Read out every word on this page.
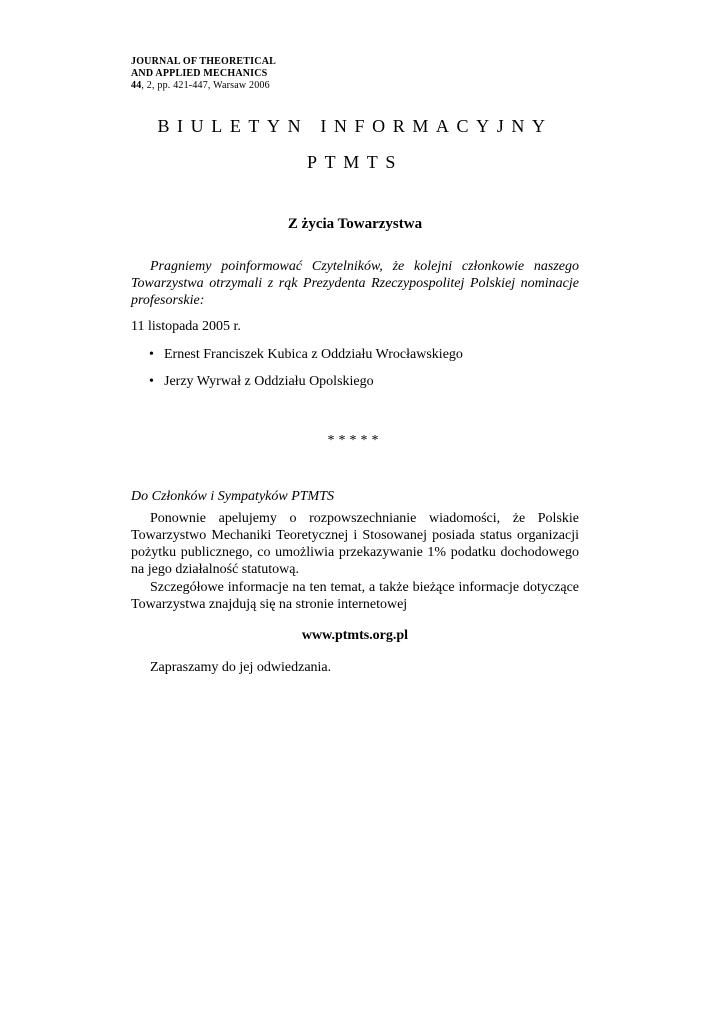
JOURNAL OF THEORETICAL
AND APPLIED MECHANICS
44, 2, pp. 421-447, Warsaw 2006
BIULETYN INFORMACYJNY
PTMTS
Z życia Towarzystwa
Pragniemy poinformować Czytelników, że kolejni członkowie naszego Towarzystwa otrzymali z rąk Prezydenta Rzeczypospolitej Polskiej nominacje profesorskie:
11 listopada 2005 r.
• Ernest Franciszek Kubica z Oddziału Wrocławskiego
• Jerzy Wyrwał z Oddziału Opolskiego
*****
Do Członków i Sympatyków PTMTS
Ponownie apelujemy o rozpowszechnianie wiadomości, że Polskie Towarzystwo Mechaniki Teoretycznej i Stosowanej posiada status organizacji pożytku publicznego, co umożliwia przekazywanie 1% podatku dochodowego na jego działalność statutową.
Szczegółowe informacje na ten temat, a także bieżące informacje dotyczące Towarzystwa znajdują się na stronie internetowej
www.ptmts.org.pl
Zapraszamy do jej odwiedzania.
